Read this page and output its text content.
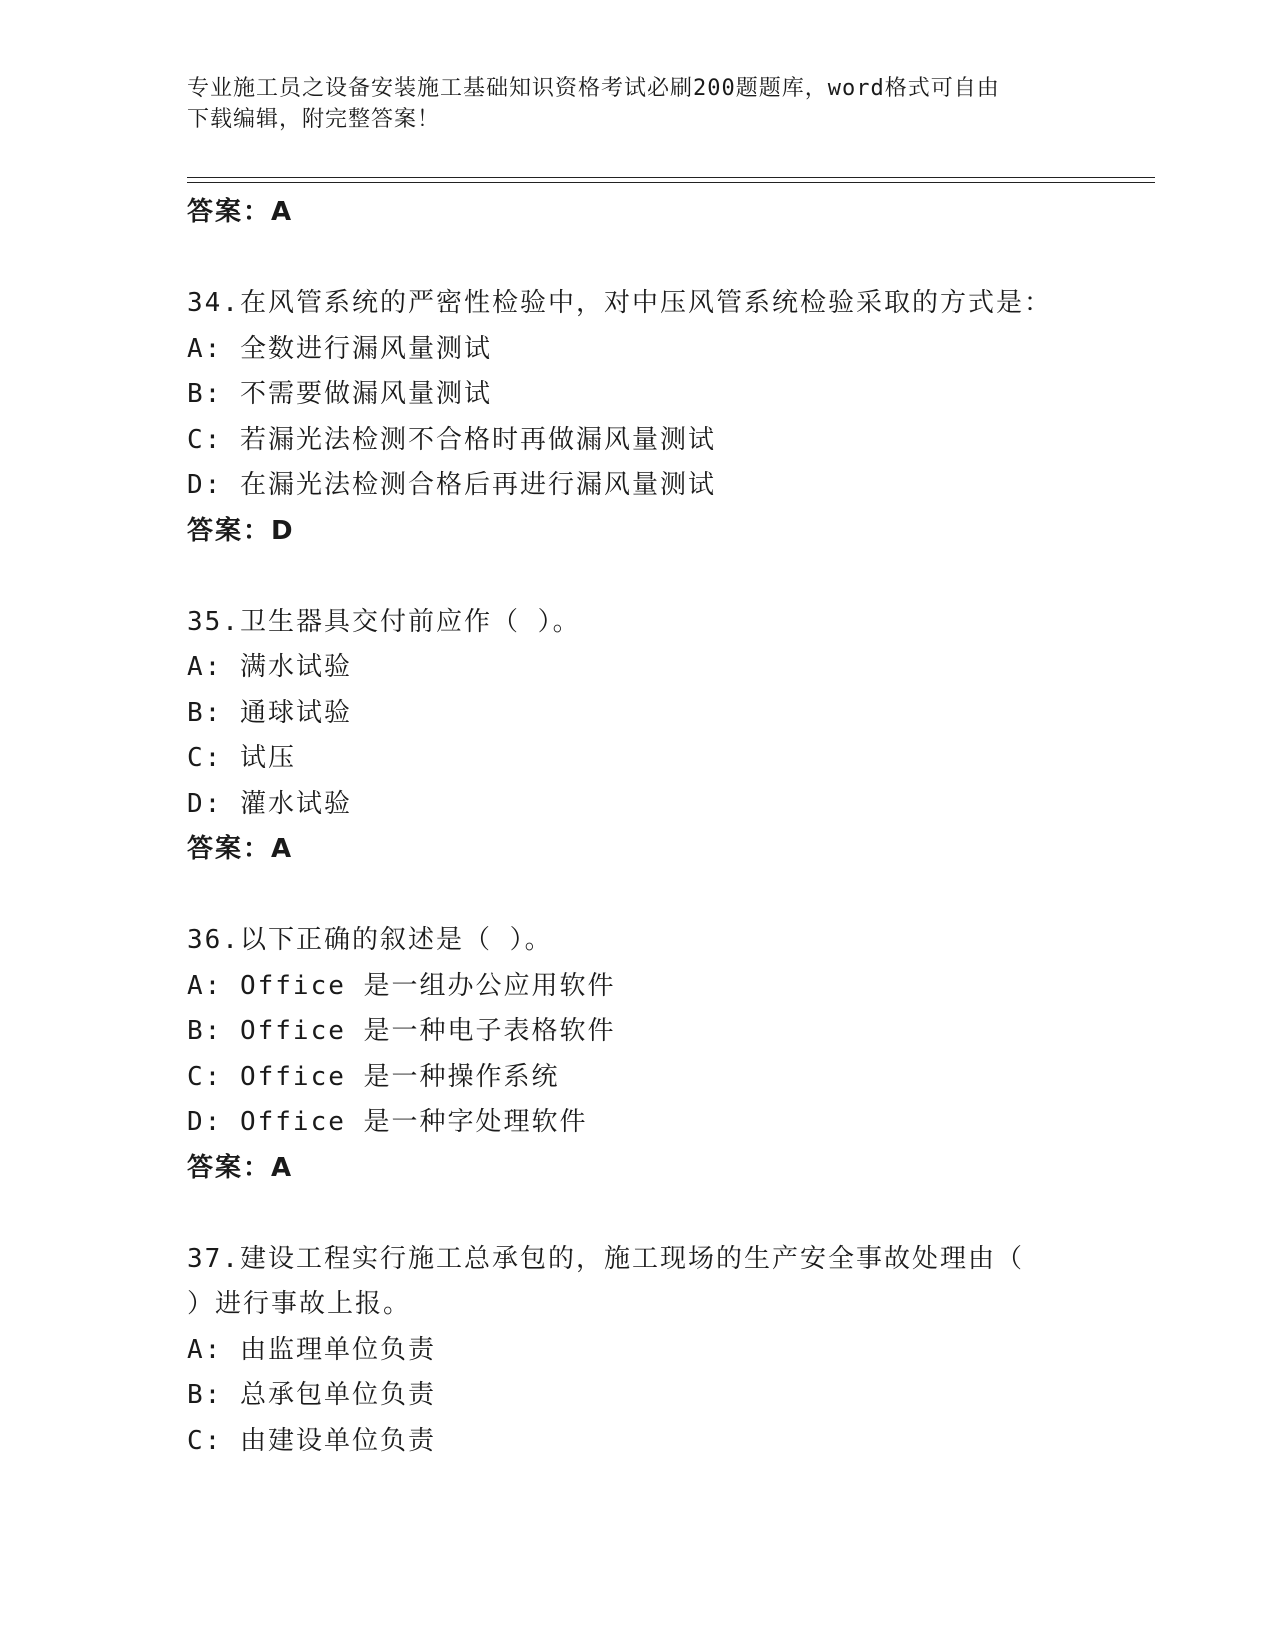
专业施工员之设备安装施工基础知识资格考试必刷200题题库，word格式可自由
下载编辑，附完整答案！
答案：A
34.在风管系统的严密性检验中，对中压风管系统检验采取的方式是：
A: 全数进行漏风量测试
B: 不需要做漏风量测试
C: 若漏光法检测不合格时再做漏风量测试
D: 在漏光法检测合格后再进行漏风量测试
答案：D
35.卫生器具交付前应作（ ）。
A: 满水试验
B: 通球试验
C: 试压
D: 灌水试验
答案：A
36.以下正确的叙述是（ ）。
A: Office 是一组办公应用软件
B: Office 是一种电子表格软件
C: Office 是一种操作系统
D: Office 是一种字处理软件
答案：A
37.建设工程实行施工总承包的，施工现场的生产安全事故处理由（
）进行事故上报。
A: 由监理单位负责
B: 总承包单位负责
C: 由建设单位负责
